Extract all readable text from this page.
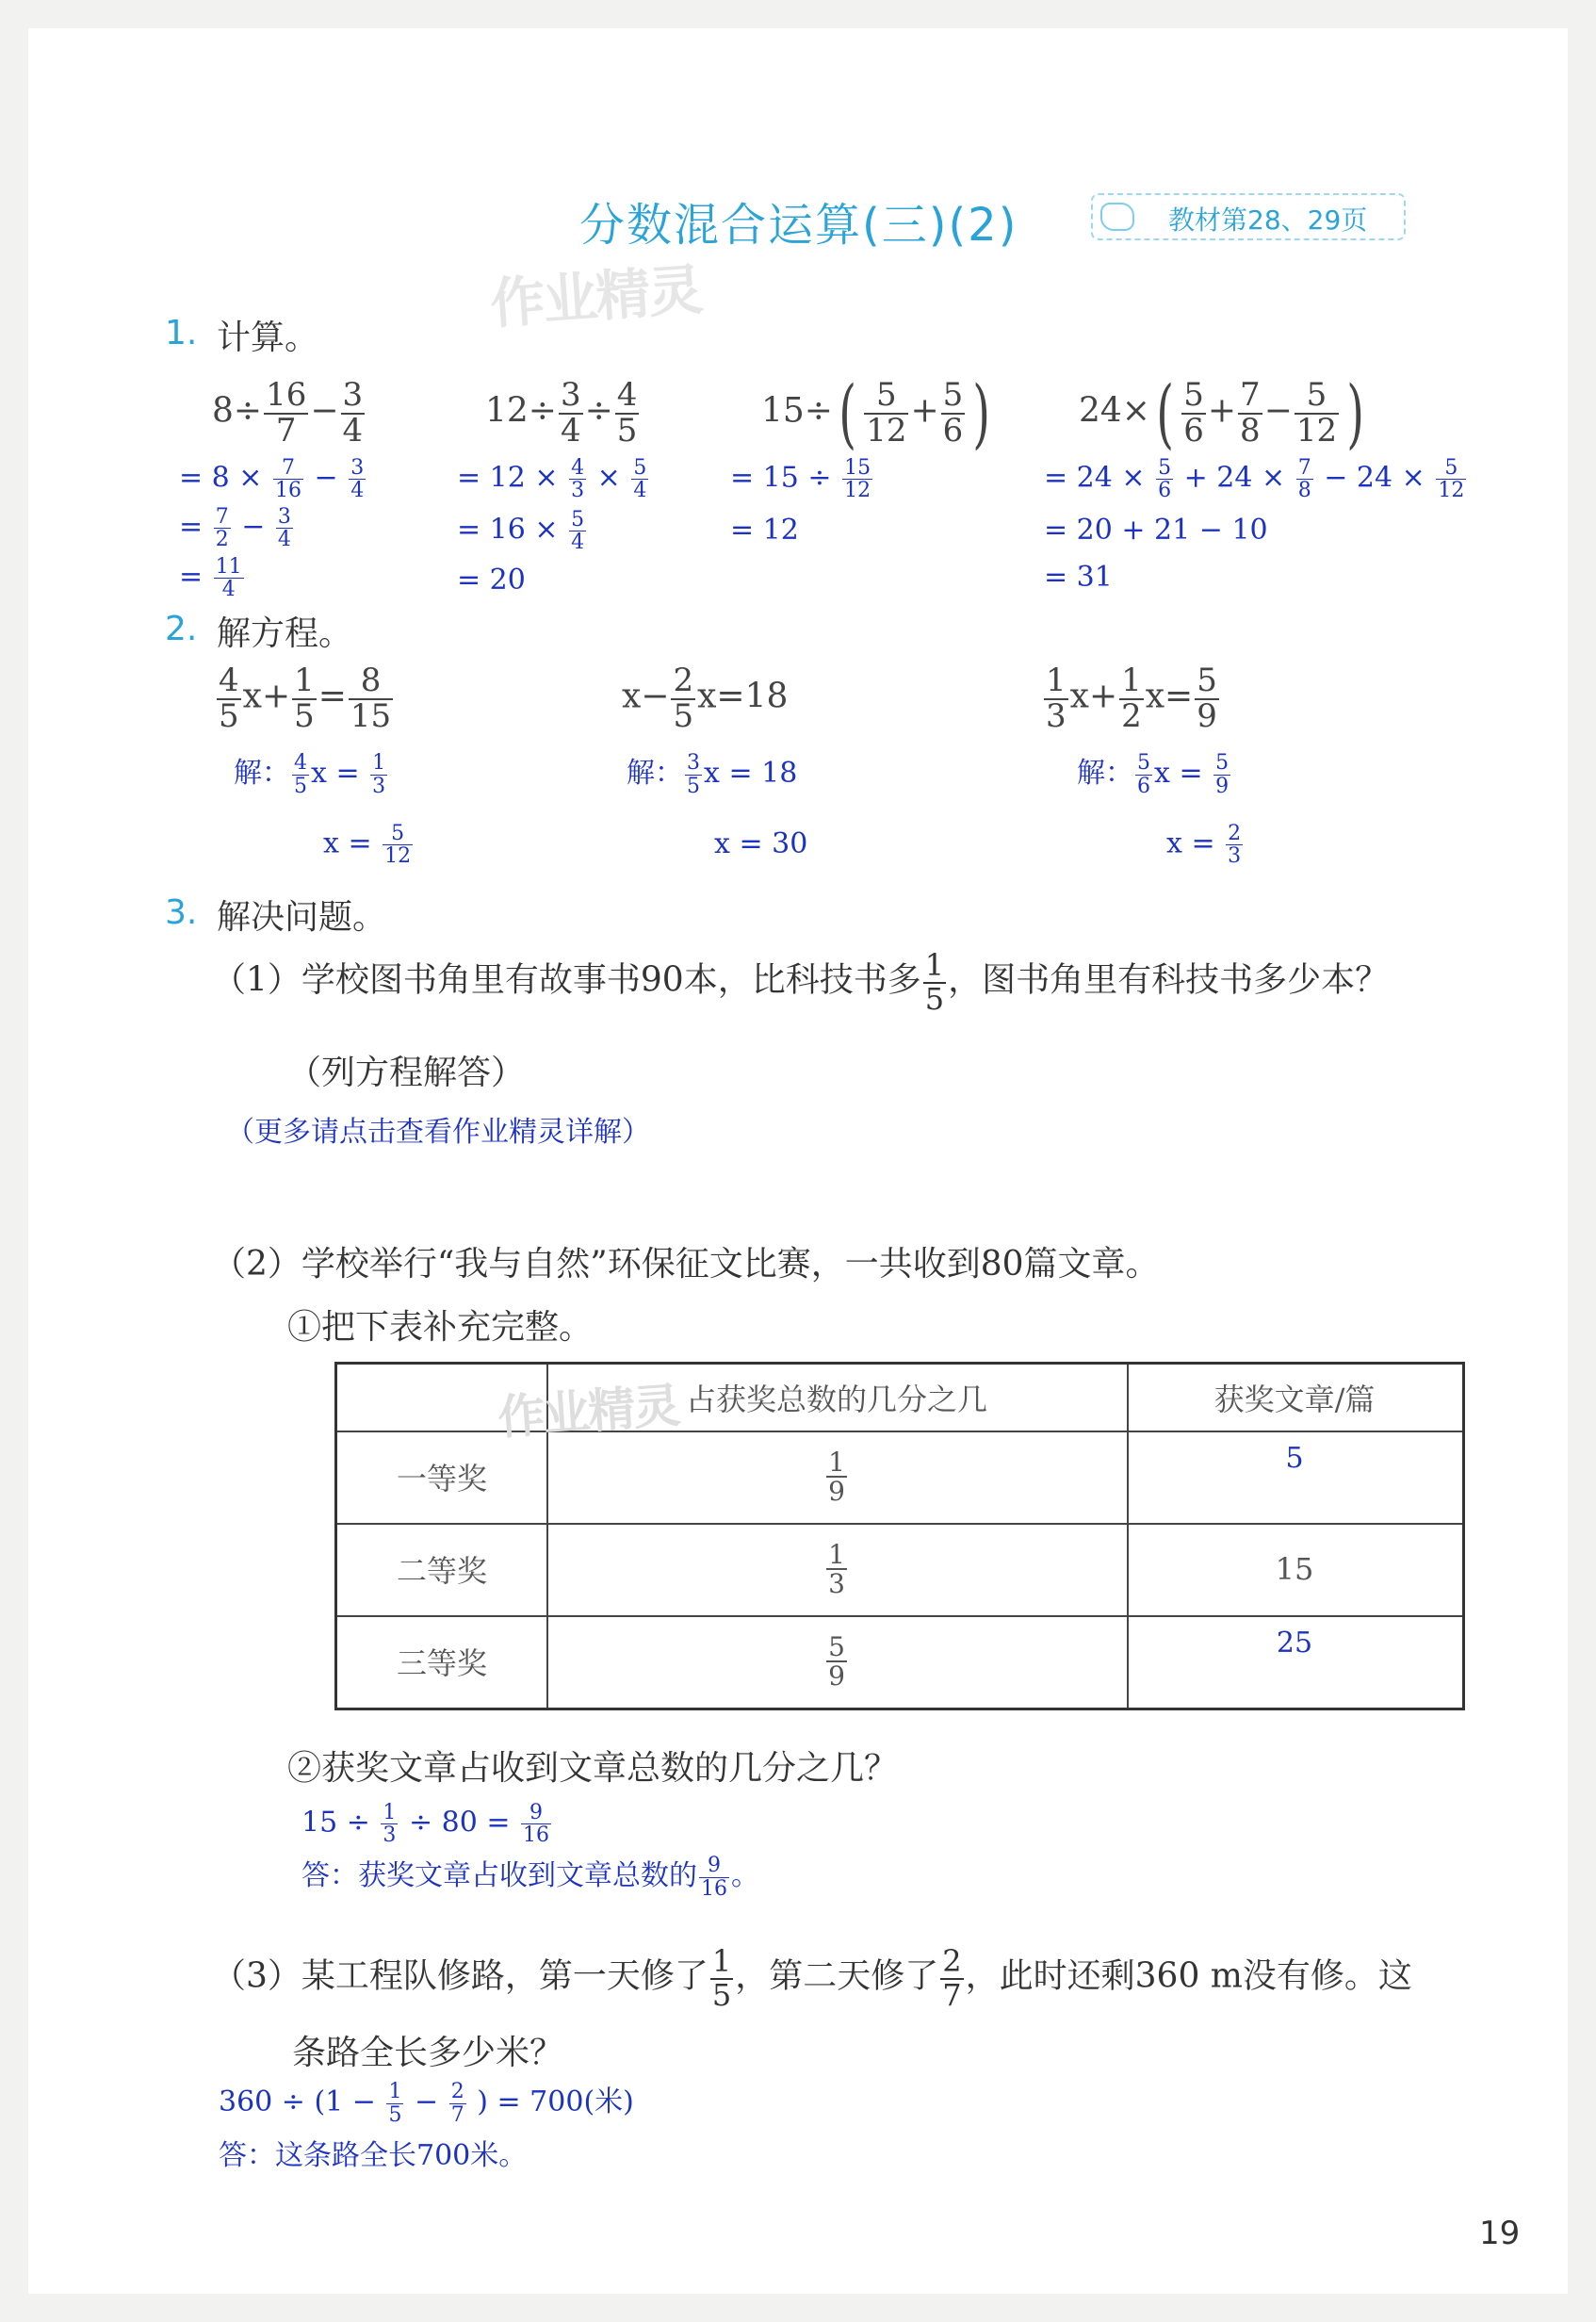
分数混合运算(三)(2)	教材第28、29页
作业精灵
1. 计算。
$8\div \frac{16}{7} - \frac{3}{4}$
= $8 \times \frac{7}{16} - \frac{3}{4}$
= $\frac{7}{2} - \frac{3}{4}$
= $\frac{11}{4}$
$12\div \frac{3}{4} \div \frac{4}{5}$
= $12 \times \frac{4}{3} \times \frac{5}{4}$
= $16 \times \frac{5}{4}$
= 20
$15\div( \frac{5}{12} + \frac{5}{6}$ )
= $15 \div \frac{15}{12}$
= 12
$24\times( \frac{5}{6} + \frac{7}{8} - \frac{5}{12}$ )
= $24 \times \frac{5}{6} + 24 \times \frac{7}{8} - 24 \times \frac{5}{12}$
= 20 + 21 − 10
= 31
2. 解方程。
$\frac{4}{5} x+ \frac{1}{5} = \frac{8}{15}$
解： $\frac{4}{5}$ $x = \frac{1}{3}$
$x = \frac{5}{12}$
$x- \frac{2}{5} x=18$
解： $\frac{3}{5}$ x = 18
x = 30
$\frac{1}{3} x+ \frac{1}{2} x= \frac{5}{9}$
解： $\frac{5}{6}$ $x = \frac{5}{9}$
$x = \frac{2}{3}$
3. 解决问题。
（1）学校图书角里有故事书90本，比科技书多 $\frac{1}{5}$ ，图书角里有科技书多少本？
（列方程解答）
（更多请点击查看作业精灵详解）
（2）学校举行“我与自然”环保征文比赛，一共收到80篇文章。
①把下表补充完整。
作业精灵 占获奖总数的几分之几	获奖文章/篇
一等奖	$\frac{1}{9}$	5
二等奖	$\frac{1}{3}$	15
三等奖	$\frac{5}{9}$	25
②获奖文章占收到文章总数的几分之几？
$15 \div \frac{1}{3} \div 80 = \frac{9}{16}$
答：获奖文章占收到文章总数的 $\frac{9}{16}$ 。
（3）某工程队修路，第一天修了 $\frac{1}{5}$ ，第二天修了 $\frac{2}{7}$ ，此时还剩360 m没有修。这
条路全长多少米？
$360 \div (1 - \frac{1}{5} - \frac{2}{7}$ ) = 700(米)
答：这条路全长700米。
19
